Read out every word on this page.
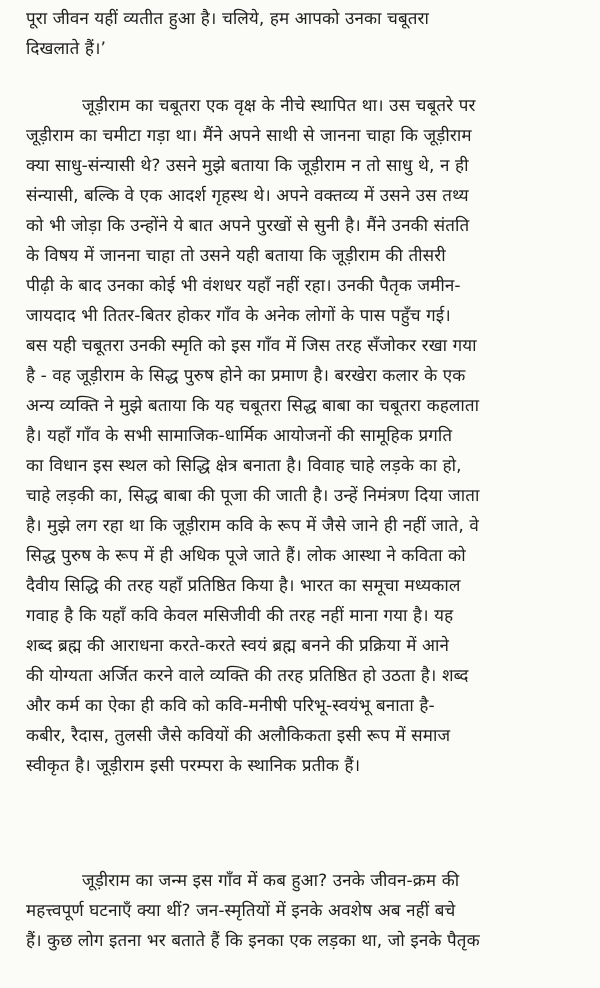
पूरा जीवन यहीं व्यतीत हुआ है। चलिये, हम आपको उनका चबूतरा
दिखलाते हैं।’
जूड़ीराम का चबूतरा एक वृक्ष के नीचे स्थापित था। उस चबूतरे पर
जूड़ीराम का चमीटा गड़ा था। मैंने अपने साथी से जानना चाहा कि जूड़ीराम
क्या साधु-संन्यासी थे? उसने मुझे बताया कि जूड़ीराम न तो साधु थे, न ही
संन्यासी, बल्कि वे एक आदर्श गृहस्थ थे। अपने वक्तव्य में उसने उस तथ्य
को भी जोड़ा कि उन्होंने ये बात अपने पुरखों से सुनी है। मैंने उनकी संतति
के विषय में जानना चाहा तो उसने यही बताया कि जूड़ीराम की तीसरी
पीढ़ी के बाद उनका कोई भी वंशधर यहाँ नहीं रहा। उनकी पैतृक जमीन-
जायदाद भी तितर-बितर होकर गाँव के अनेक लोगों के पास पहुँच गई।
बस यही चबूतरा उनकी स्मृति को इस गाँव में जिस तरह सँजोकर रखा गया
है - वह जूड़ीराम के सिद्ध पुरुष होने का प्रमाण है। बरखेरा कलार के एक
अन्य व्यक्ति ने मुझे बताया कि यह चबूतरा सिद्ध बाबा का चबूतरा कहलाता
है। यहाँ गाँव के सभी सामाजिक-धार्मिक आयोजनों की सामूहिक प्रगति
का विधान इस स्थल को सिद्धि क्षेत्र बनाता है। विवाह चाहे लड़के का हो,
चाहे लड़की का, सिद्ध बाबा की पूजा की जाती है। उन्हें निमंत्रण दिया जाता
है। मुझे लग रहा था कि जूड़ीराम कवि के रूप में जैसे जाने ही नहीं जाते, वे
सिद्ध पुरुष के रूप में ही अधिक पूजे जाते हैं। लोक आस्था ने कविता को
दैवीय सिद्धि की तरह यहाँ प्रतिष्ठित किया है। भारत का समूचा मध्यकाल
गवाह है कि यहाँ कवि केवल मसिजीवी की तरह नहीं माना गया है। यह
शब्द ब्रह्म की आराधना करते-करते स्वयं ब्रह्म बनने की प्रक्रिया में आने
की योग्यता अर्जित करने वाले व्यक्ति की तरह प्रतिष्ठित हो उठता है। शब्द
और कर्म का ऐका ही कवि को कवि-मनीषी परिभू-स्वयंभू बनाता है-
कबीर, रैदास, तुलसी जैसे कवियों की अलौकिकता इसी रूप में समाज
स्वीकृत है। जूड़ीराम इसी परम्परा के स्थानिक प्रतीक हैं।
जूड़ीराम का जन्म इस गाँव में कब हुआ? उनके जीवन-क्रम की
महत्त्वपूर्ण घटनाएँ क्या थीं? जन-स्मृतियों में इनके अवशेष अब नहीं बचे
हैं। कुछ लोग इतना भर बताते हैं कि इनका एक लड़का था, जो इनके पैतृक
